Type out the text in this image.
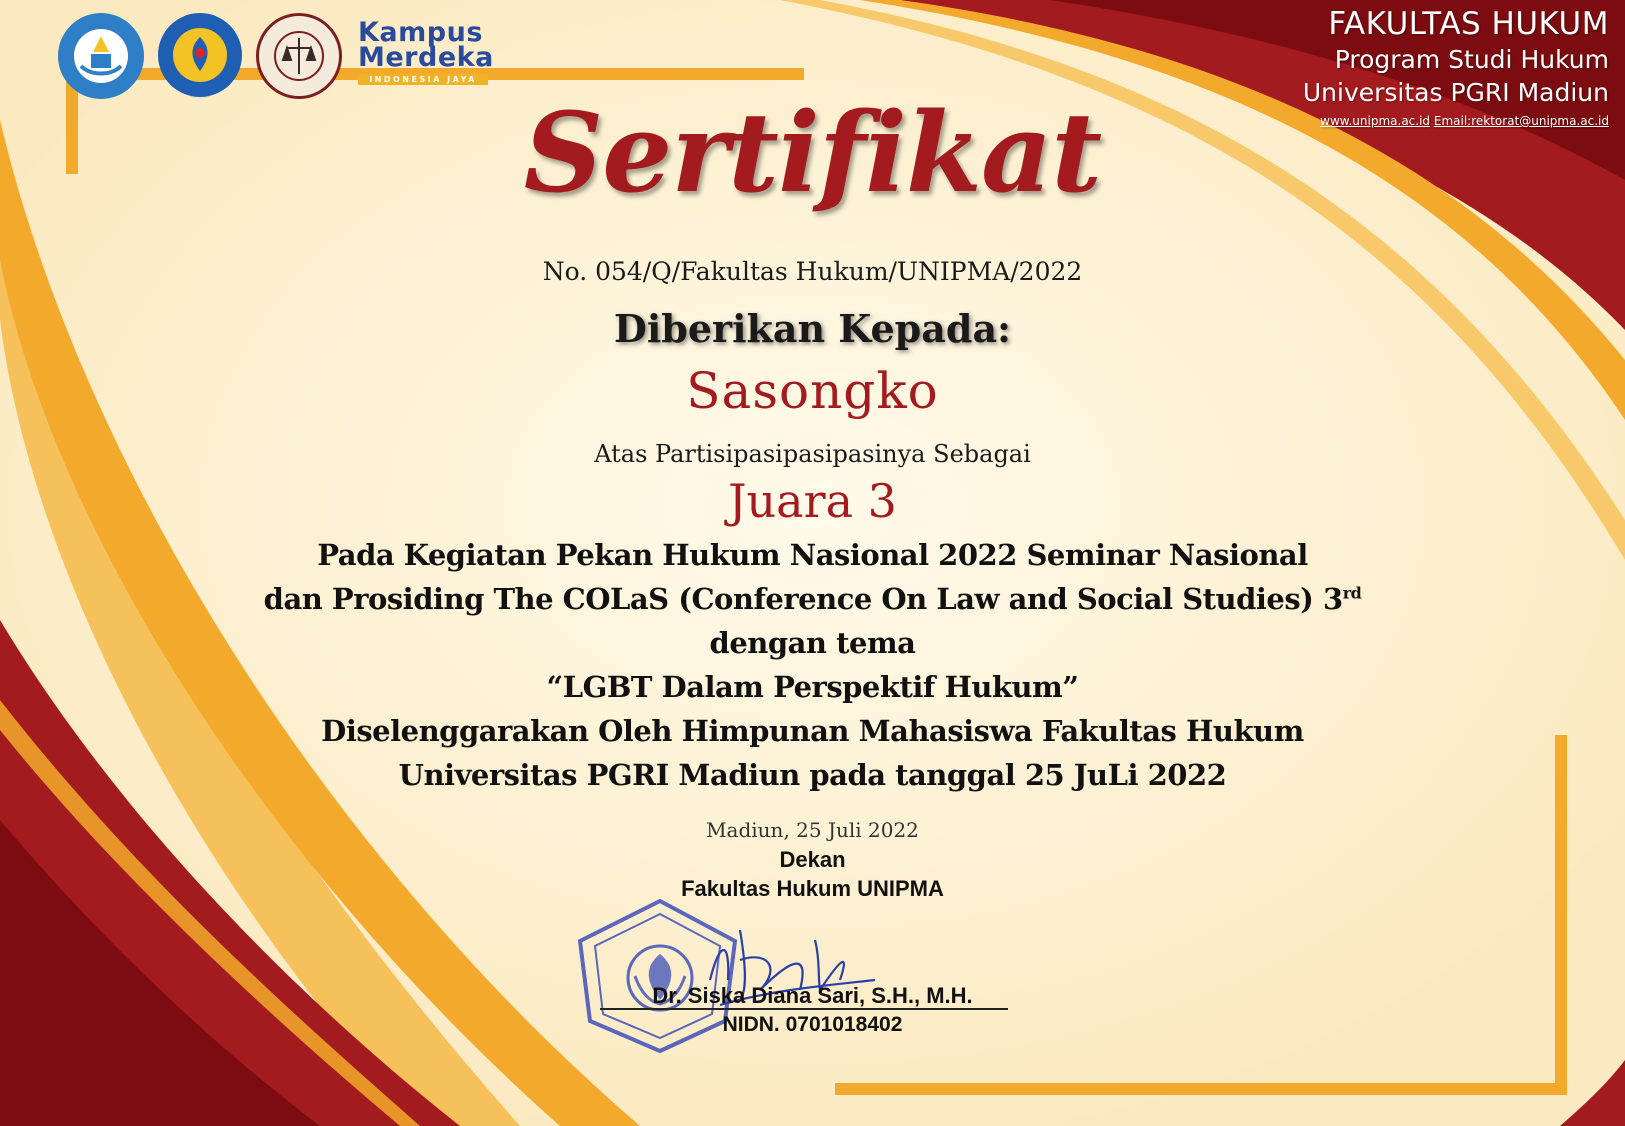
Kampus
Merdeka
INDONESIA JAYA
FAKULTAS HUKUM
Program Studi Hukum
Universitas PGRI Madiun
www.unipma.ac.id Email:rektorat@unipma.ac.id
Sertifikat
No. 054/Q/Fakultas Hukum/UNIPMA/2022
Diberikan Kepada:
Sasongko
Atas Partisipasipasipasinya Sebagai
Juara 3
Pada Kegiatan Pekan Hukum Nasional 2022 Seminar Nasional
dan Prosiding The COLaS (Conference On Law and Social Studies) 3rd
dengan tema
“LGBT Dalam Perspektif Hukum”
Diselenggarakan Oleh Himpunan Mahasiswa Fakultas Hukum
Universitas PGRI Madiun pada tanggal 25 JuLi 2022
Madiun, 25 Juli 2022
Dekan
Fakultas Hukum UNIPMA
Dr. Siska Diana Sari, S.H., M.H.
NIDN. 0701018402
